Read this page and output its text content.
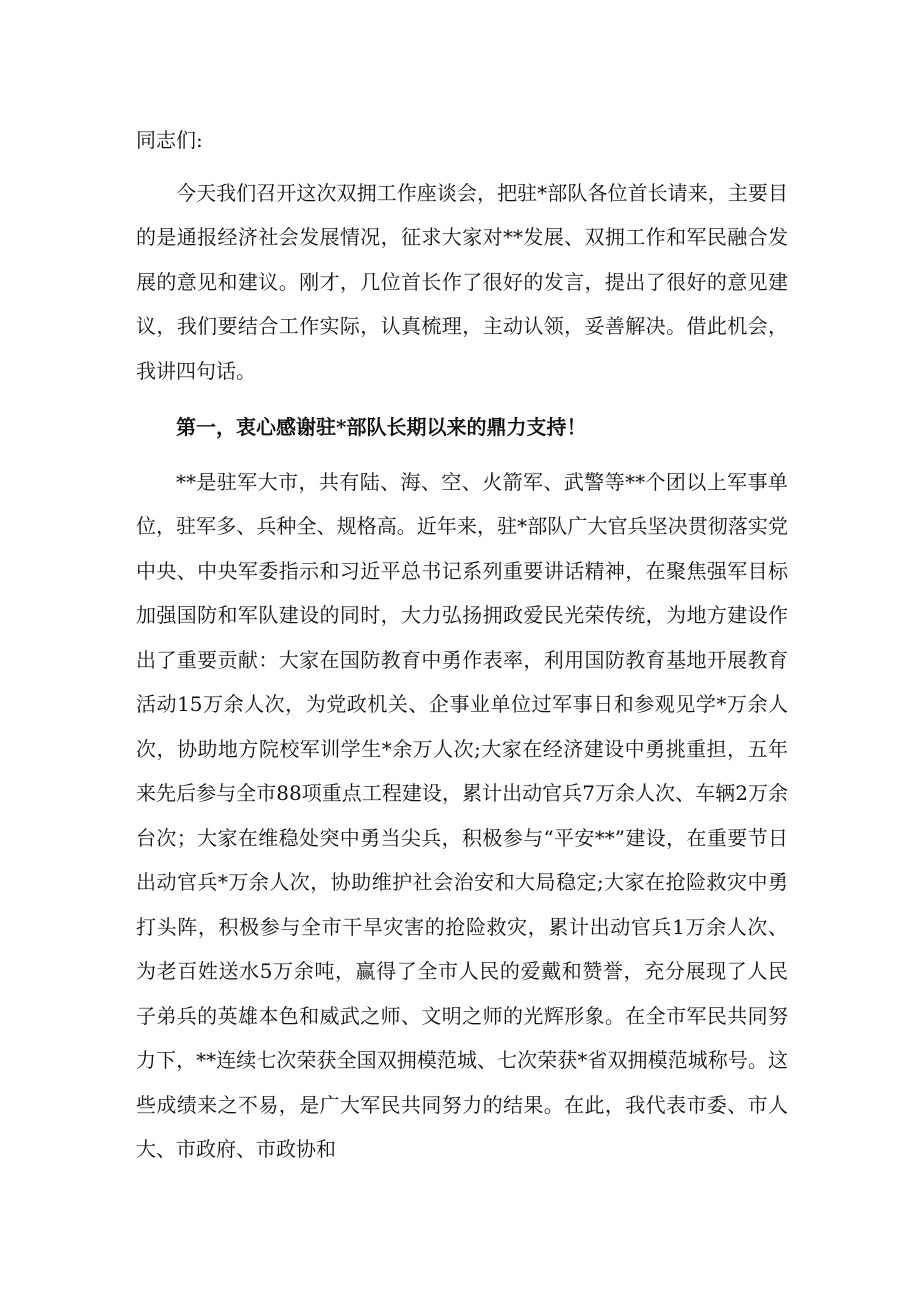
同志们:

今天我们召开这次双拥工作座谈会，把驻*部队各位首长请来，主要目的是通报经济社会发展情况，征求大家对**发展、双拥工作和军民融合发展的意见和建议。刚才，几位首长作了很好的发言，提出了很好的意见建议，我们要结合工作实际，认真梳理，主动认领，妥善解决。借此机会，我讲四句话。

第一，衷心感谢驻*部队长期以来的鼎力支持！

**是驻军大市，共有陆、海、空、火箭军、武警等**个团以上军事单位，驻军多、兵种全、规格高。近年来，驻*部队广大官兵坚决贯彻落实党中央、中央军委指示和习近平总书记系列重要讲话精神，在聚焦强军目标加强国防和军队建设的同时，大力弘扬拥政爱民光荣传统，为地方建设作出了重要贡献：大家在国防教育中勇作表率，利用国防教育基地开展教育活动15万余人次，为党政机关、企事业单位过军事日和参观见学*万余人次，协助地方院校军训学生*余万人次;大家在经济建设中勇挑重担，五年来先后参与全市88项重点工程建设，累计出动官兵7万余人次、车辆2万余台次；大家在维稳处突中勇当尖兵，积极参与“平安**”建设，在重要节日出动官兵*万余人次，协助维护社会治安和大局稳定;大家在抢险救灾中勇打头阵，积极参与全市干旱灾害的抢险救灾，累计出动官兵1万余人次、为老百姓送水5万余吨，赢得了全市人民的爱戴和赞誉，充分展现了人民子弟兵的英雄本色和威武之师、文明之师的光辉形象。在全市军民共同努力下，**连续七次荣获全国双拥模范城、七次荣获*省双拥模范城称号。这些成绩来之不易，是广大军民共同努力的结果。在此，我代表市委、市人大、市政府、市政协和
